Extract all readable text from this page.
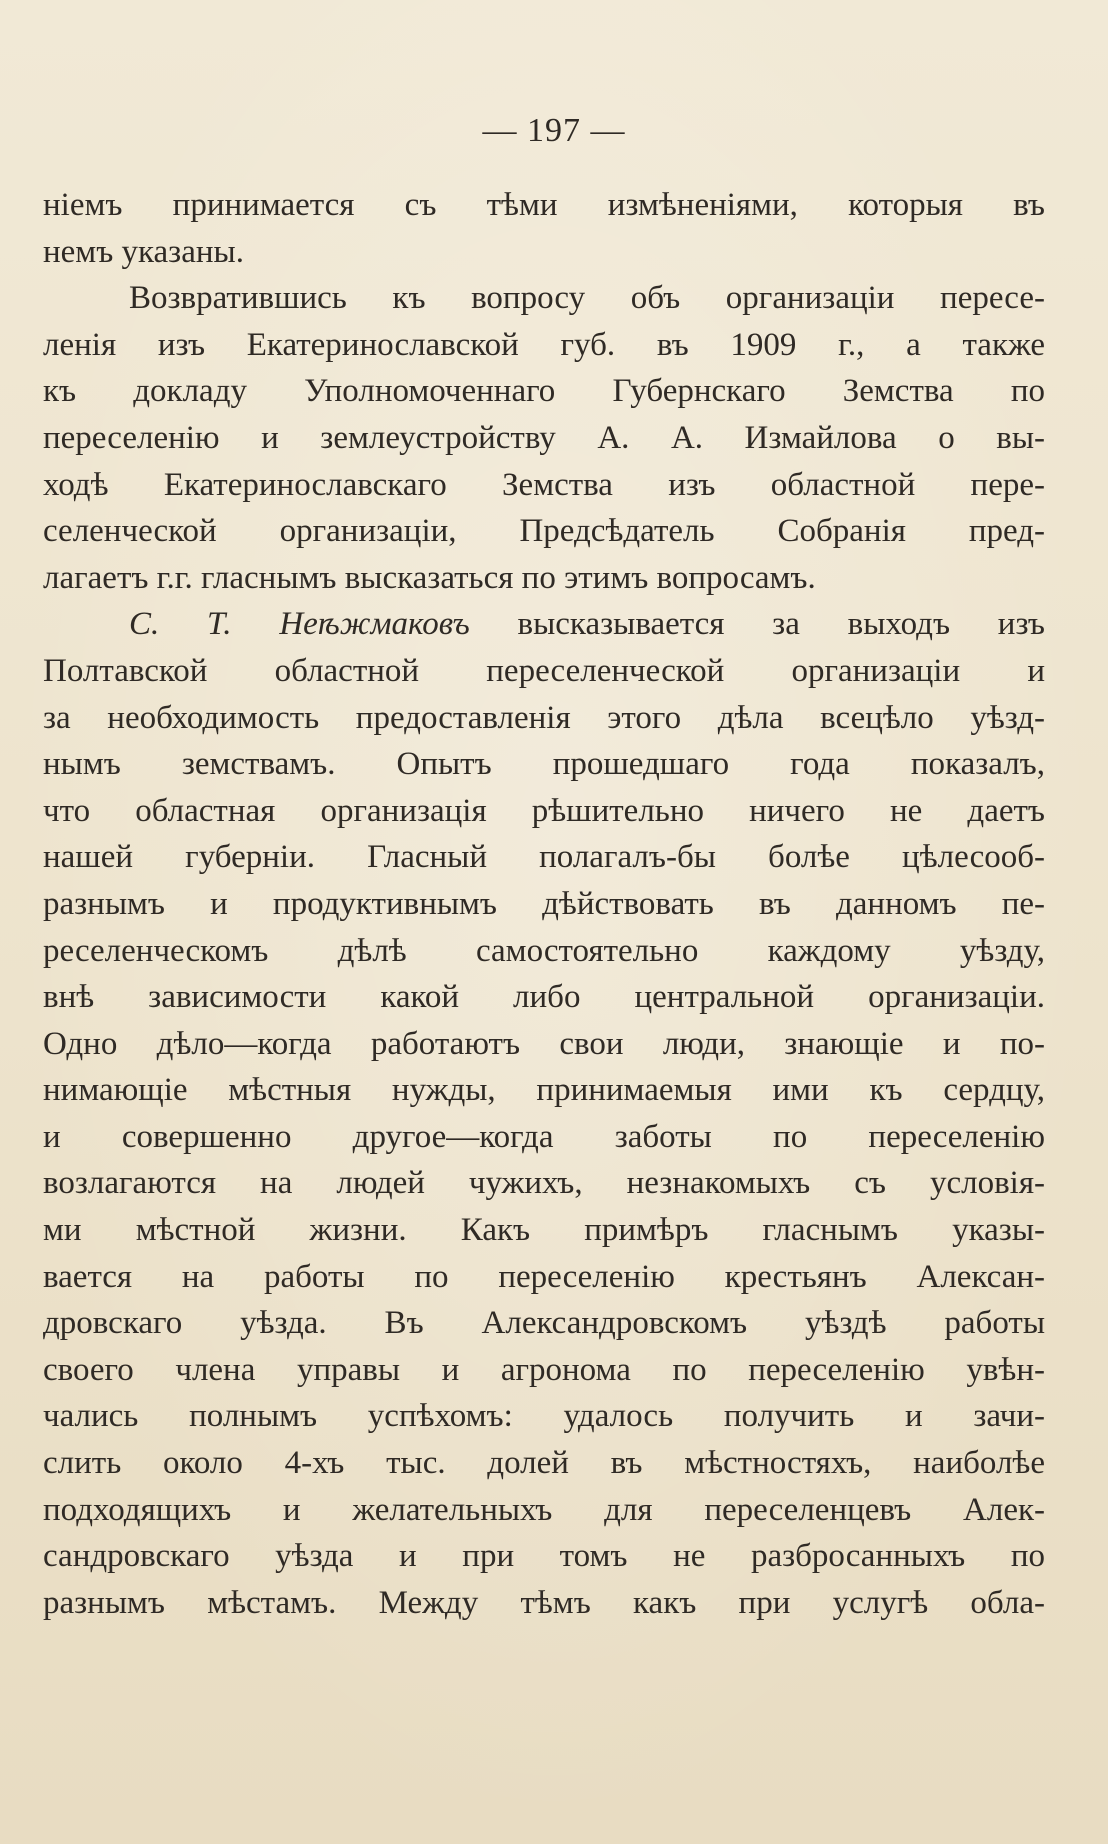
— 197 —
нiемъ принимается съ тѣми измѣненiями, которыя въ
немъ указаны.
Возвратившись къ вопросу объ организацiи пересе-
ленiя изъ Екатеринославской губ. въ 1909 г., а также
къ докладу Уполномоченнаго Губернскаго Земства по
переселенiю и землеустройству А. А. Измайлова о вы-
ходѣ Екатеринославскаго Земства изъ областной пере-
селенческой организацiи, Предсѣдатель Собранiя пред-
лагаетъ г.г. гласнымъ высказаться по этимъ вопросамъ.
С. Т. Неѣжмаковъ высказывается за выходъ изъ
Полтавской областной переселенческой организацiи и
за необходимость предоставленiя этого дѣла всецѣло уѣзд-
нымъ земствамъ. Опытъ прошедшаго года показалъ,
что областная организацiя рѣшительно ничего не даетъ
нашей губернiи. Гласный полагалъ-бы болѣе цѣлесооб-
разнымъ и продуктивнымъ дѣйствовать въ данномъ пе-
реселенческомъ дѣлѣ самостоятельно каждому уѣзду,
внѣ зависимости какой либо центральной организацiи.
Одно дѣло—когда работаютъ свои люди, знающiе и по-
нимающiе мѣстныя нужды, принимаемыя ими къ сердцу,
и совершенно другое—когда заботы по переселенiю
возлагаются на людей чужихъ, незнакомыхъ съ условiя-
ми мѣстной жизни. Какъ примѣръ гласнымъ указы-
вается на работы по переселенiю крестьянъ Алексан-
дровскаго уѣзда. Въ Александровскомъ уѣздѣ работы
своего члена управы и агронома по переселенiю увѣн-
чались полнымъ успѣхомъ: удалось получить и зачи-
слить около 4-хъ тыс. долей въ мѣстностяхъ, наиболѣе
подходящихъ и желательныхъ для переселенцевъ Алек-
сандровскаго уѣзда и при томъ не разбросанныхъ по
разнымъ мѣстамъ. Между тѣмъ какъ при услугѣ обла-
